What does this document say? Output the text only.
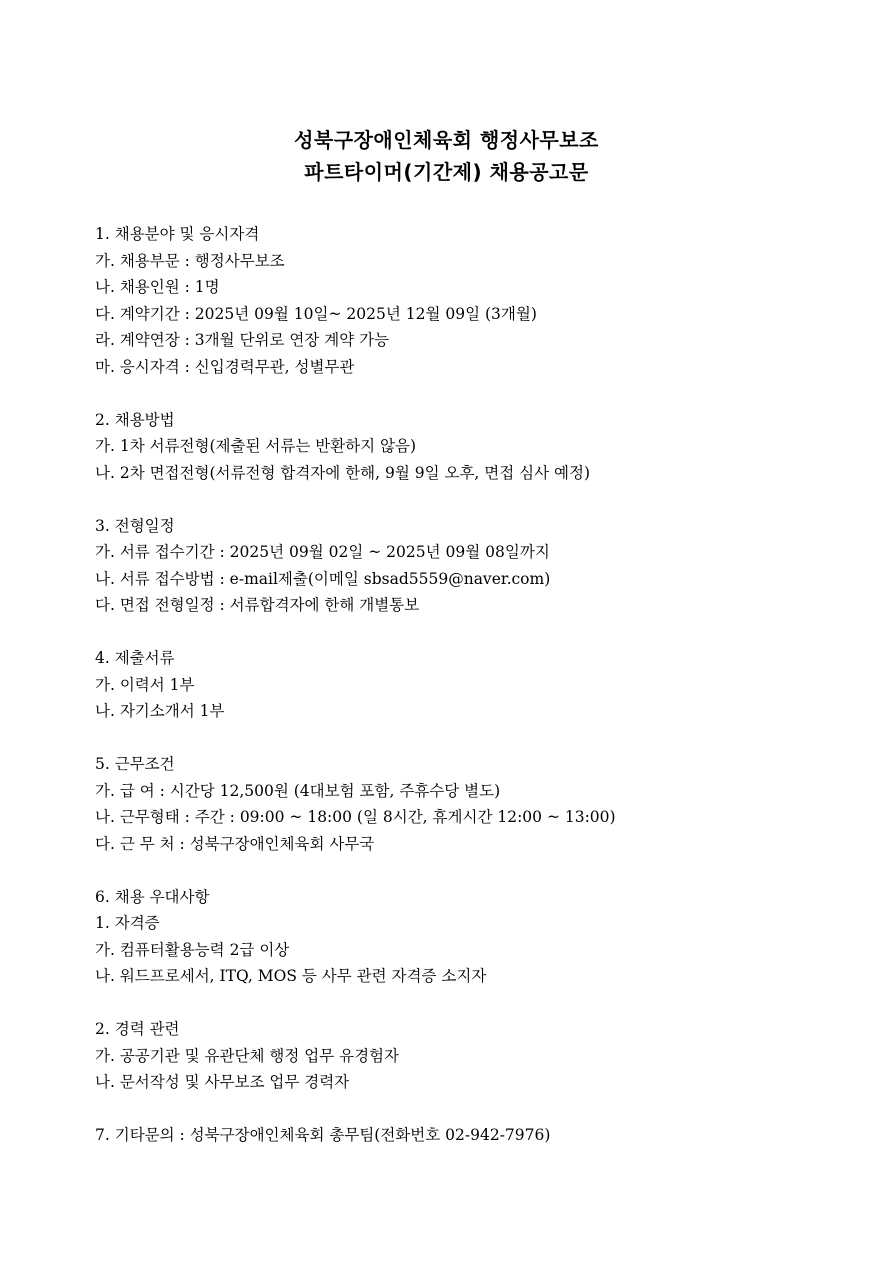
성북구장애인체육회 행정사무보조
파트타이머(기간제) 채용공고문
1. 채용분야 및 응시자격
가. 채용부문 : 행정사무보조
나. 채용인원 : 1명
다. 계약기간 : 2025년 09월 10일~ 2025년 12월 09일 (3개월)
라. 계약연장 : 3개월 단위로 연장 계약 가능
마. 응시자격 : 신입경력무관, 성별무관
2. 채용방법
가. 1차 서류전형(제출된 서류는 반환하지 않음)
나. 2차 면접전형(서류전형 합격자에 한해, 9월 9일 오후, 면접 심사 예정)
3. 전형일정
가. 서류 접수기간 : 2025년 09월 02일 ~ 2025년 09월 08일까지
나. 서류 접수방법 : e-mail제출(이메일 sbsad5559@naver.com)
다. 면접 전형일정 : 서류합격자에 한해 개별통보
4. 제출서류
가. 이력서 1부
나. 자기소개서 1부
5. 근무조건
가. 급 여 : 시간당 12,500원 (4대보험 포함, 주휴수당 별도)
나. 근무형태 : 주간 : 09:00 ~ 18:00 (일 8시간, 휴게시간 12:00 ~ 13:00)
다. 근 무 처 : 성북구장애인체육회 사무국
6. 채용 우대사항
1. 자격증
가. 컴퓨터활용능력 2급 이상
나. 워드프로세서, ITQ, MOS 등 사무 관련 자격증 소지자
2. 경력 관련
가. 공공기관 및 유관단체 행정 업무 유경험자
나. 문서작성 및 사무보조 업무 경력자
7. 기타문의 : 성북구장애인체육회 총무팀(전화번호 02-942-7976)
